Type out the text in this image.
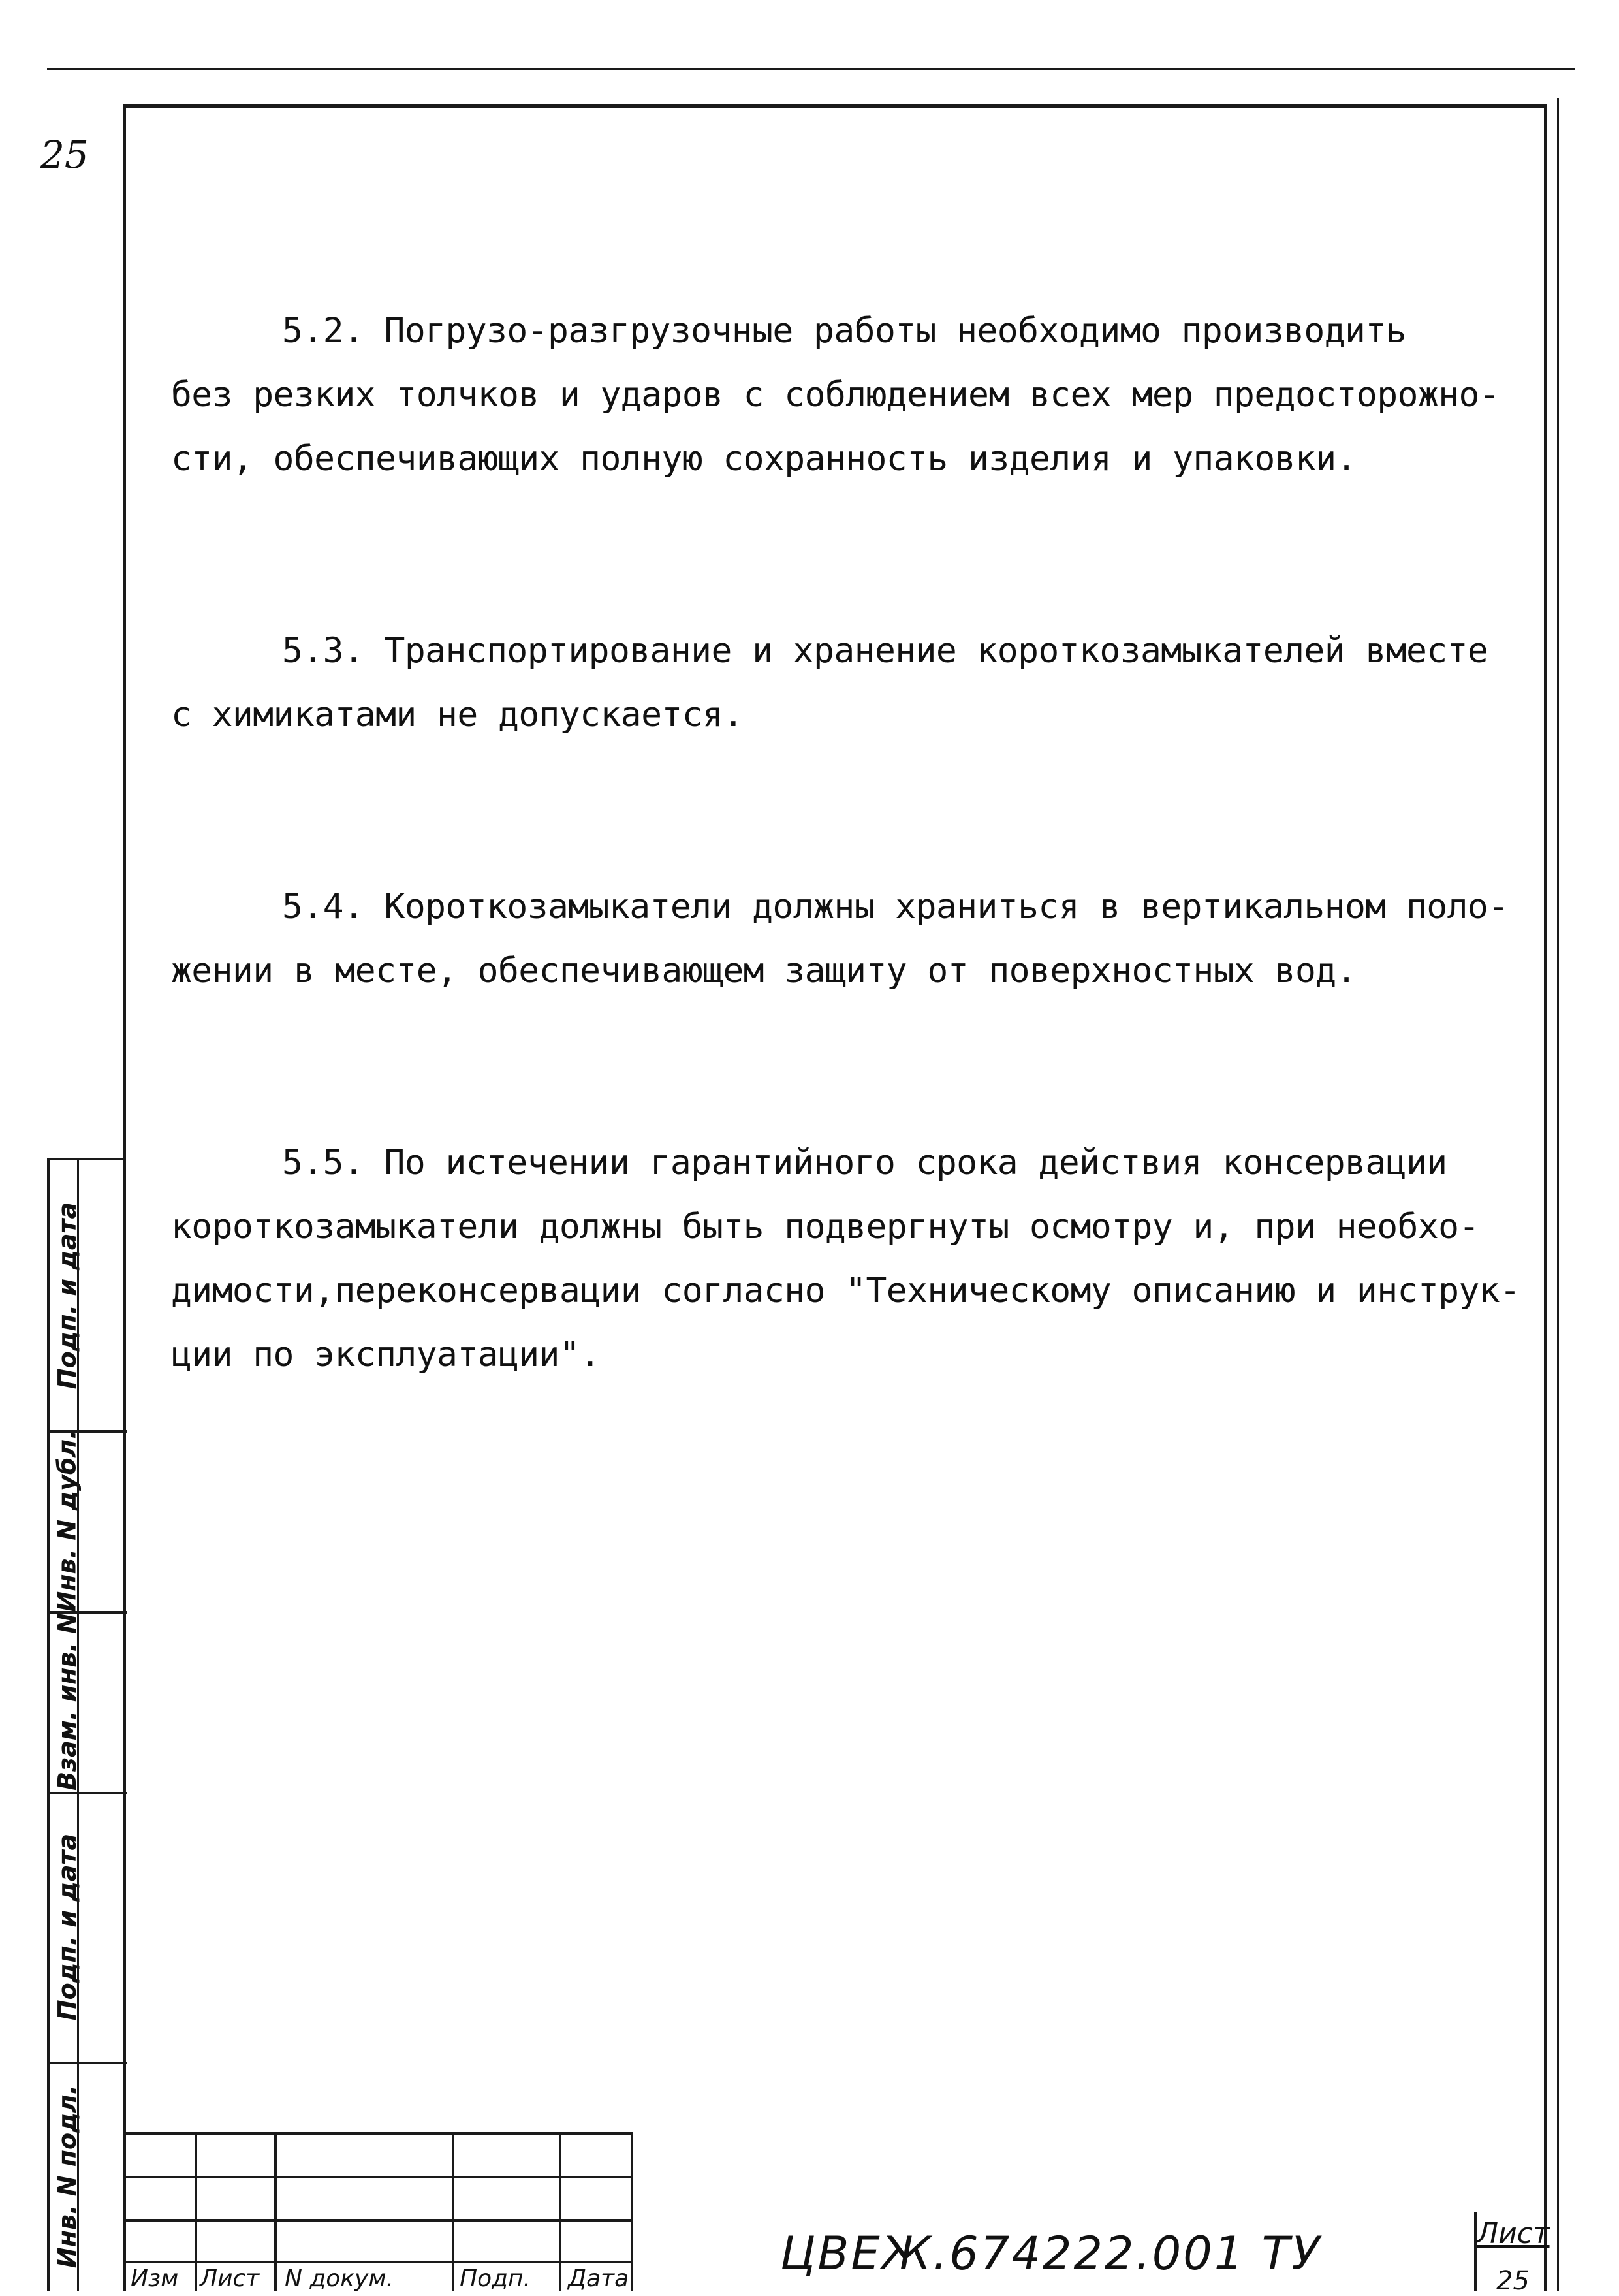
25

5.2. Погрузо-разгрузочные работы необходимо производить
без резких толчков и ударов с соблюдением всех мер предосторожно-
сти, обеспечивающих полную сохранность изделия и упаковки.

5.3. Транспортирование и хранение короткозамыкателей вместе
с химикатами не допускается.

5.4. Короткозамыкатели должны храниться в вертикальном поло-
жении в месте, обеспечивающем защиту от поверхностных вод.

5.5. По истечении гарантийного срока действия консервации
короткозамыкатели должны быть подвергнуты осмотру и, при необхо-
димости,переконсервации согласно "Техническому описанию и инструк-
ции по эксплуатации".

Подп. и дата
Инв. N дубл.
Взам. инв. N
Подп. и дата
Инв. N подл.
Изм Лист N докум.	Подп. Дата	ЦВЕЖ.674222.001 ТУ	Лист
25
